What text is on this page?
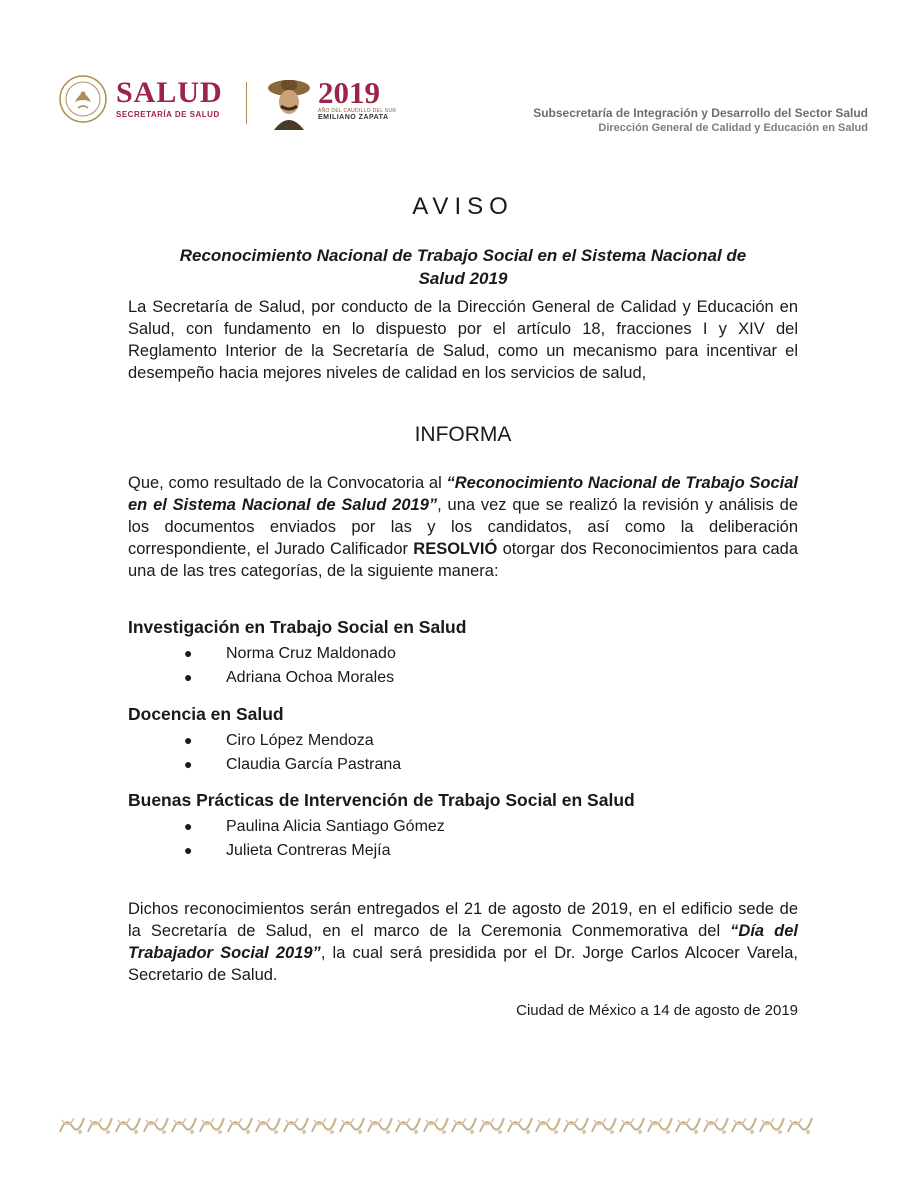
SALUD
SECRETARÍA DE SALUD
2019
AÑO DEL CAUDILLO DEL SUR
EMILIANO ZAPATA	Subsecretaría de Integración y Desarrollo del Sector Salud
Dirección General de Calidad y Educación en Salud
AVISO
Reconocimiento Nacional de Trabajo Social en el Sistema Nacional de
Salud 2019
La Secretaría de Salud, por conducto de la Dirección General de Calidad y Educación en Salud, con fundamento en lo dispuesto por el artículo 18, fracciones I y XIV del Reglamento Interior de la Secretaría de Salud, como un mecanismo para incentivar el desempeño hacia mejores niveles de calidad en los servicios de salud,
INFORMA
Que, como resultado de la Convocatoria al “Reconocimiento Nacional de Trabajo Social en el Sistema Nacional de Salud 2019”, una vez que se realizó la revisión y análisis de los documentos enviados por las y los candidatos, así como la deliberación correspondiente, el Jurado Calificador RESOLVIÓ otorgar dos Reconocimientos para cada una de las tres categorías, de la siguiente manera:
Investigación en Trabajo Social en Salud
● Norma Cruz Maldonado
● Adriana Ochoa Morales
Docencia en Salud
● Ciro López Mendoza
● Claudia García Pastrana
Buenas Prácticas de Intervención de Trabajo Social en Salud
● Paulina Alicia Santiago Gómez
● Julieta Contreras Mejía
Dichos reconocimientos serán entregados el 21 de agosto de 2019, en el edificio sede de la Secretaría de Salud, en el marco de la Ceremonia Conmemorativa del “Día del Trabajador Social 2019”, la cual será presidida por el Dr. Jorge Carlos Alcocer Varela, Secretario de Salud.
Ciudad de México a 14 de agosto de 2019
